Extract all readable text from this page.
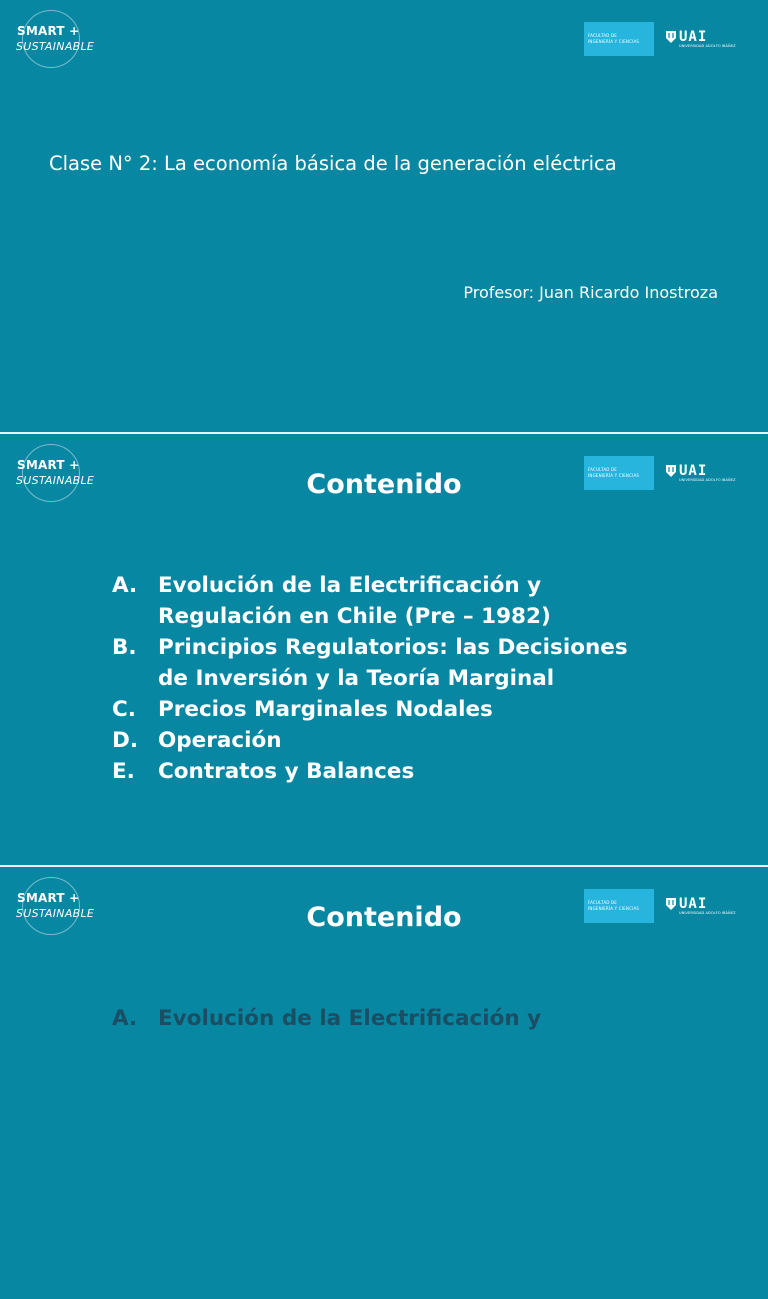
SMART +
SUSTAINABLE
FACULTAD DE
INGENIERÍA Y CIENCIAS	UAI
UNIVERSIDAD ADOLFO IBÁÑEZ
Clase N° 2: La economía básica de la generación eléctrica
Profesor: Juan Ricardo Inostroza
SMART +
SUSTAINABLE
FACULTAD DE
INGENIERÍA Y CIENCIAS	UAI
UNIVERSIDAD ADOLFO IBÁÑEZ
Contenido
A. Evolución de la Electrificación y
Regulación en Chile (Pre – 1982)
B. Principios Regulatorios: las Decisiones
de Inversión y la Teoría Marginal
C. Precios Marginales Nodales
D. Operación
E. Contratos y Balances
SMART +
SUSTAINABLE
FACULTAD DE
INGENIERÍA Y CIENCIAS	UAI
UNIVERSIDAD ADOLFO IBÁÑEZ
Contenido
A. Evolución de la Electrificación y
